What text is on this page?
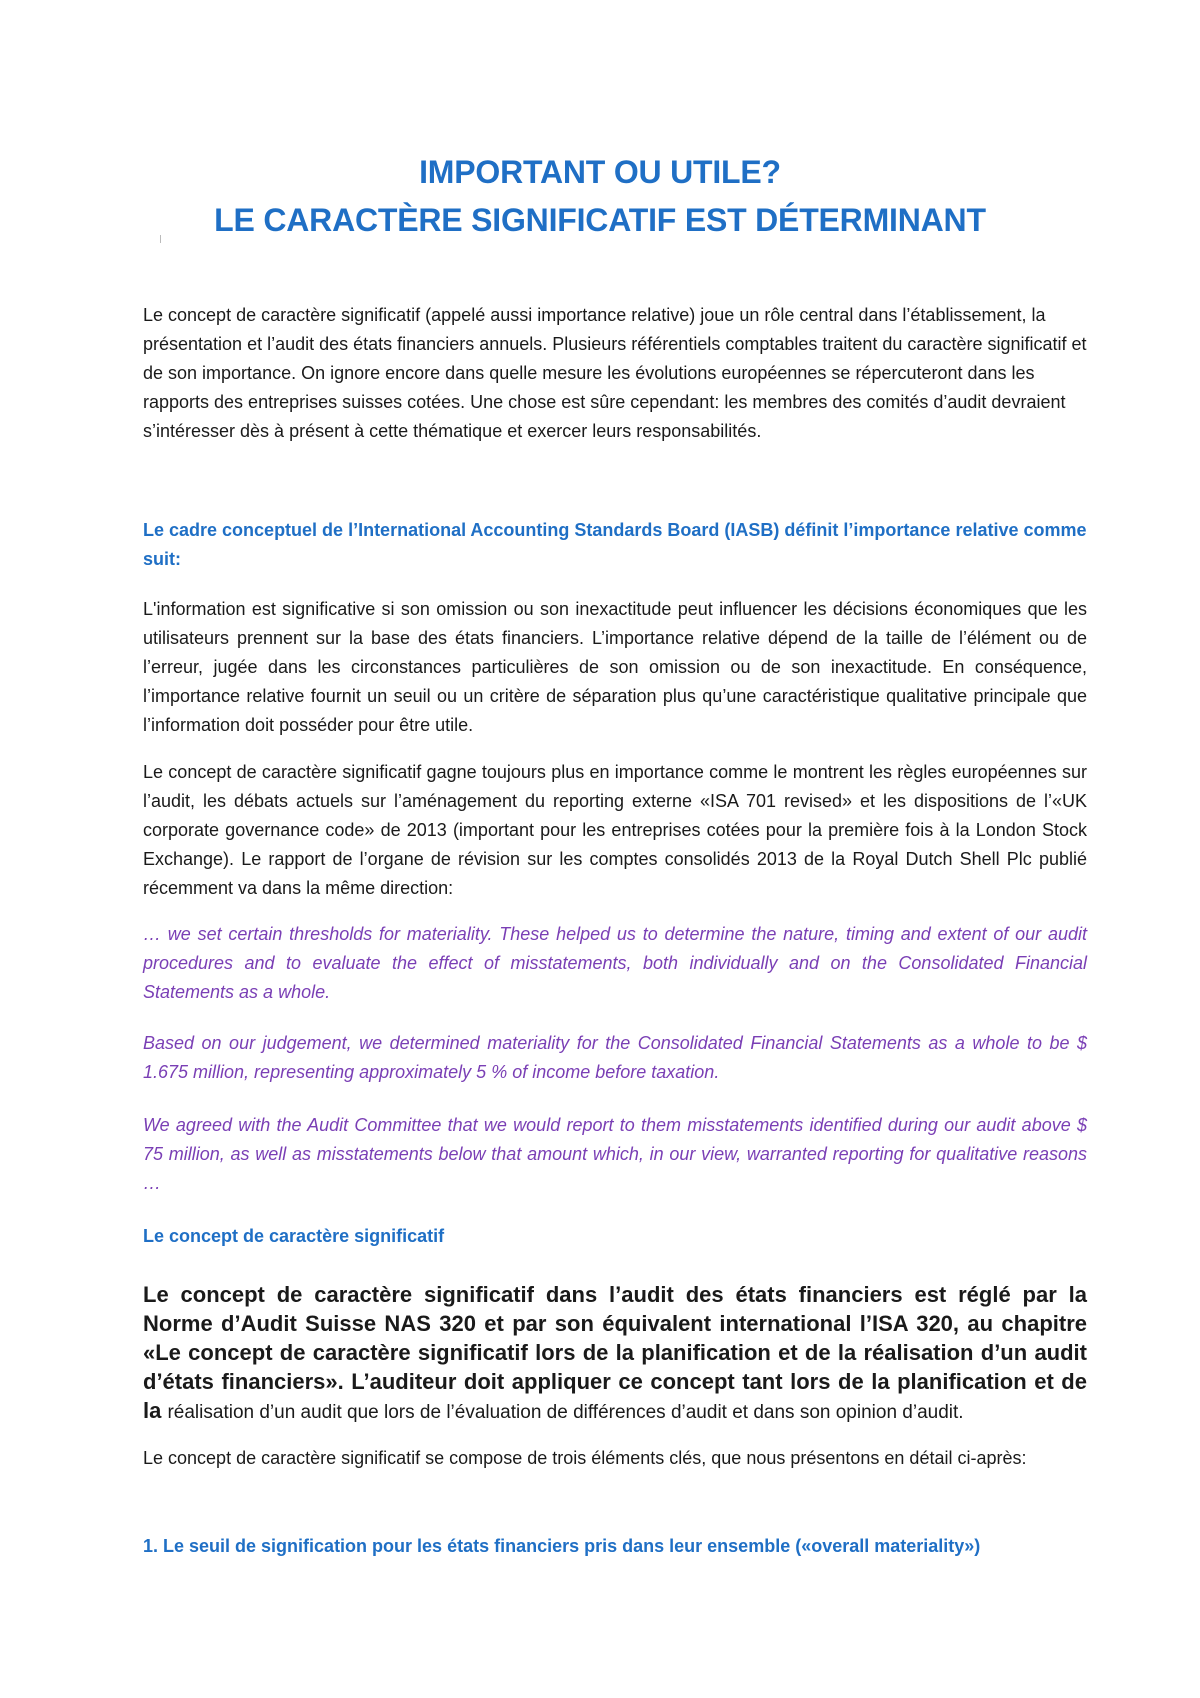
IMPORTANT OU UTILE?
LE CARACTÈRE SIGNIFICATIF EST DÉTERMINANT

Le concept de caractère significatif (appelé aussi importance relative) joue un rôle central dans l’établissement, la présentation et l’audit des états financiers annuels. Plusieurs référentiels comptables traitent du caractère significatif et de son importance. On ignore encore dans quelle mesure les évolutions européennes se répercuteront dans les rapports des entreprises suisses cotées. Une chose est sûre cependant: les membres des comités d’audit devraient s’intéresser dès à présent à cette thématique et exercer leurs responsabilités.

Le cadre conceptuel de l’International Accounting Standards Board (IASB) définit l’importance relative comme suit:

L'information est significative si son omission ou son inexactitude peut influencer les décisions économiques que les utilisateurs prennent sur la base des états financiers. L’importance relative dépend de la taille de l’élément ou de l’erreur, jugée dans les circonstances particulières de son omission ou de son inexactitude. En conséquence, l’importance relative fournit un seuil ou un critère de séparation plus qu’une caractéristique qualitative principale que l’information doit posséder pour être utile.

Le concept de caractère significatif gagne toujours plus en importance comme le montrent les règles européennes sur l’audit, les débats actuels sur l’aménagement du reporting externe «ISA 701 revised» et les dispositions de l’«UK corporate governance code» de 2013 (important pour les entreprises cotées pour la première fois à la London Stock Exchange). Le rapport de l’organe de révision sur les comptes consolidés 2013 de la Royal Dutch Shell Plc publié récemment va dans la même direction:

… we set certain thresholds for materiality. These helped us to determine the nature, timing and extent of our audit procedures and to evaluate the effect of misstatements, both individually and on the Consolidated Financial Statements as a whole.

Based on our judgement, we determined materiality for the Consolidated Financial Statements as a whole to be $ 1.675 million, representing approximately 5 % of income before taxation.

We agreed with the Audit Committee that we would report to them misstatements identified during our audit above $ 75 million, as well as misstatements below that amount which, in our view, warranted reporting for qualitative reasons …

Le concept de caractère significatif

Le concept de caractère significatif dans l’audit des états financiers est réglé par la Norme d’Audit Suisse NAS 320 et par son équivalent international l’ISA 320, au chapitre «Le concept de caractère significatif lors de la planification et de la réalisation d’un audit d’états financiers». L’auditeur doit appliquer ce concept tant lors de la planification et de la réalisation d’un audit que lors de l’évaluation de différences d’audit et dans son opinion d’audit.

Le concept de caractère significatif se compose de trois éléments clés, que nous présentons en détail ci-après:

1. Le seuil de signification pour les états financiers pris dans leur ensemble («overall materiality»)
